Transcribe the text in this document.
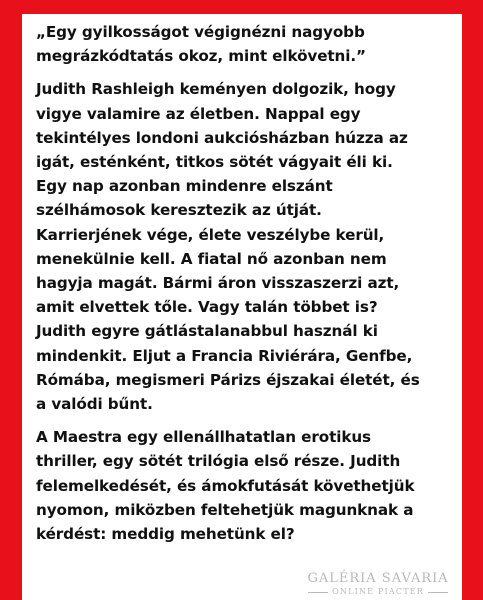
„Egy gyilkosságot végignézni nagyobb
megrázkódtatás okoz, mint elkövetni.”

Judith Rashleigh keményen dolgozik, hogy
vigye valamire az életben. Nappal egy
tekintélyes londoni aukciósházban húzza az
igát, esténként, titkos sötét vágyait éli ki.
Egy nap azonban mindenre elszánt
szélhámosok keresztezik az útját.
Karrierjének vége, élete veszélybe kerül,
menekülnie kell. A fiatal nő azonban nem
hagyja magát. Bármi áron visszaszerzi azt,
amit elvettek tőle. Vagy talán többet is?
Judith egyre gátlástalanabbul használ ki
mindenkit. Eljut a Francia Riviérára, Genfbe,
Rómába, megismeri Párizs éjszakai életét, és
a valódi bűnt.

A Maestra egy ellenállhatatlan erotikus
thriller, egy sötét trilógia első része. Judith
felemelkedését, és ámokfutását követhetjük
nyomon, miközben feltehetjük magunknak a
kérdést: meddig mehetünk el?

GALÉRIA SAVARIA
ONLINE PIACTÉR
